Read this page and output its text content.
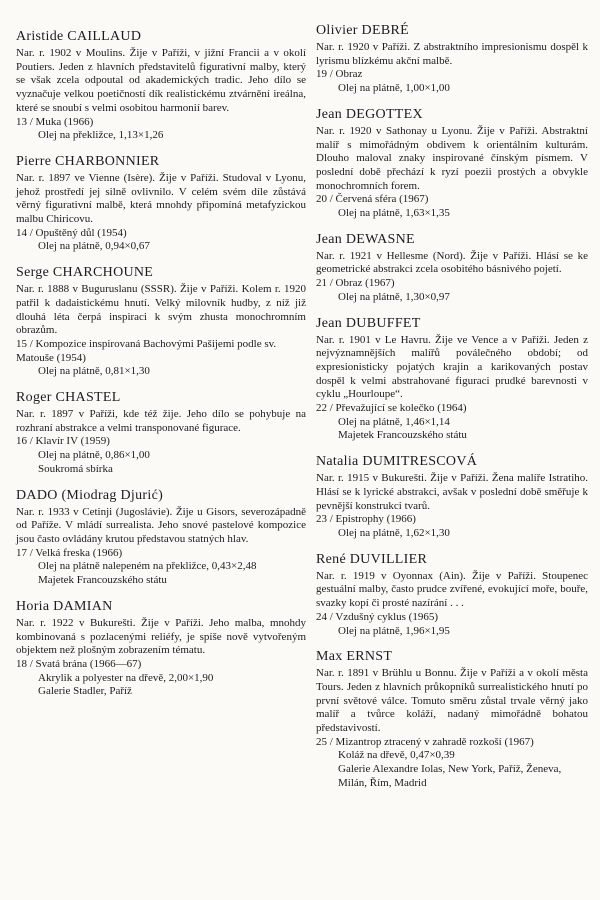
Aristide CAILLAUD

Nar. r. 1902 v Moulins. Žije v Paříži, v jižní Francii a v okolí Poutiers. Jeden z hlavních představitelů figurativní malby, který se však zcela odpoutal od akademických tradic. Jeho dílo se vyznačuje velkou poetičností dík realistickému ztvárnění ireálna, které se snoubí s velmi osobitou harmonií barev.

13 / Muka (1966)

Olej na překližce, 1,13×1,26

Pierre CHARBONNIER

Nar. r. 1897 ve Vienne (Isère). Žije v Paříži. Studoval v Lyonu, jehož prostředí jej silně ovlivnilo. V celém svém díle zůstává věrný figurativní malbě, která mnohdy připomíná metafyzickou malbu Chiricovu.

14 / Opuštěný důl (1954)

Olej na plátně, 0,94×0,67

Serge CHARCHOUNE

Nar. r. 1888 v Buguruslanu (SSSR). Žije v Paříži. Kolem r. 1920 patřil k dadaistickému hnutí. Velký milovník hudby, z níž již dlouhá léta čerpá inspiraci k svým zhusta monochromním obrazům.

15 / Kompozice inspirovaná Bachovými Pašijemi podle sv. Matouše (1954)

Olej na plátně, 0,81×1,30

Roger CHASTEL

Nar. r. 1897 v Paříži, kde též žije. Jeho dílo se pohybuje na rozhraní abstrakce a velmi transponované figurace.

16 / Klavír IV (1959)

Olej na plátně, 0,86×1,00

Soukromá sbírka

DADO (Miodrag Djurić)

Nar. r. 1933 v Cetinji (Jugoslávie). Žije u Gisors, severozápadně od Paříže. V mládí surrealista. Jeho snové pastelové kompozice jsou často ovládány krutou představou statných hlav.

17 / Velká freska (1966)

Olej na plátně nalepeném na překližce, 0,43×2,48

Majetek Francouzského státu

Horia DAMIAN

Nar. r. 1922 v Bukurešti. Žije v Paříži. Jeho malba, mnohdy kombinovaná s pozlacenými reliéfy, je spíše nově vytvořeným objektem než plošným zobrazením tématu.

18 / Svatá brána (1966—67)

Akrylik a polyester na dřevě, 2,00×1,90

Galerie Stadler, Paříž

Olivier DEBRÉ

Nar. r. 1920 v Paříži. Z abstraktního impresionismu dospěl k lyrismu blízkému akční malbě.

19 / Obraz

Olej na plátně, 1,00×1,00

Jean DEGOTTEX

Nar. r. 1920 v Sathonay u Lyonu. Žije v Paříži. Abstraktní malíř s mimořádným obdivem k orientálním kulturám. Dlouho maloval znaky inspirované čínským písmem. V poslední době přechází k ryzí poezii prostých a obvykle monochromních forem.

20 / Červená sféra (1967)

Olej na plátně, 1,63×1,35

Jean DEWASNE

Nar. r. 1921 v Hellesme (Nord). Žije v Paříži. Hlásí se ke geometrické abstrakci zcela osobitého básnivého pojetí.

21 / Obraz (1967)

Olej na plátně, 1,30×0,97

Jean DUBUFFET

Nar. r. 1901 v Le Havru. Žije ve Vence a v Paříži. Jeden z nejvýznamnějších malířů poválečného období; od expresionisticky pojatých krajin a karikovaných postav dospěl k velmi abstrahované figuraci prudké barevnosti v cyklu „Hourloupe“.

22 / Převažující se kolečko (1964)

Olej na plátně, 1,46×1,14

Majetek Francouzského státu

Natalia DUMITRESCOVÁ

Nar. r. 1915 v Bukurešti. Žije v Paříži. Žena malíře Istratiho. Hlásí se k lyrické abstrakci, avšak v poslední době směřuje k pevnější konstrukci tvarů.

23 / Epistrophy (1966)

Olej na plátně, 1,62×1,30

René DUVILLIER

Nar. r. 1919 v Oyonnax (Ain). Žije v Paříži. Stoupenec gestuální malby, často prudce zvířené, evokující moře, bouře, svazky kopí či prosté nazírání . . .

24 / Vzdušný cyklus (1965)

Olej na plátně, 1,96×1,95

Max ERNST

Nar. r. 1891 v Brühlu u Bonnu. Žije v Paříži a v okolí města Tours. Jeden z hlavních průkopníků surrealistického hnutí po první světové válce. Tomuto směru zůstal trvale věrný jako malíř a tvůrce koláží, nadaný mimořádně bohatou představivostí.

25 / Mizantrop ztracený v zahradě rozkoší (1967)

Koláž na dřevě, 0,47×0,39

Galerie Alexandre Iolas, New York, Paříž, Ženeva, Milán, Řím, Madrid
